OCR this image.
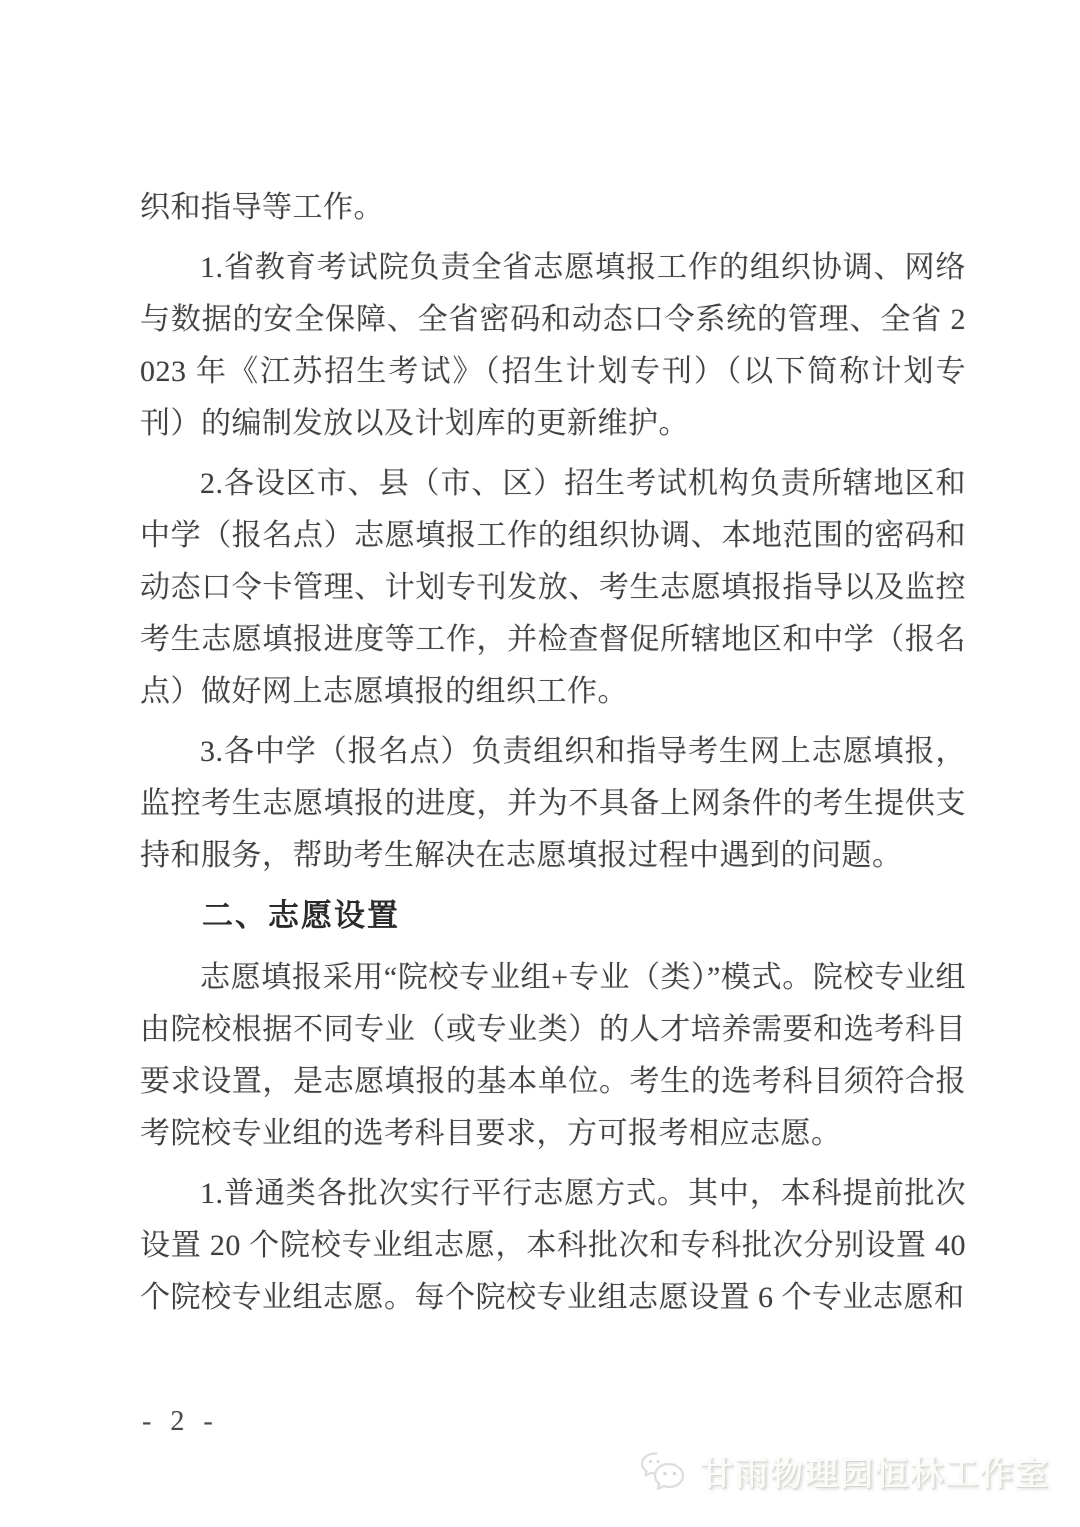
织和指导等工作。

1.省教育考试院负责全省志愿填报工作的组织协调、网络与数据的安全保障、全省密码和动态口令系统的管理、全省 2023 年《江苏招生考试》（招生计划专刊）（以下简称计划专刊）的编制发放以及计划库的更新维护。

2.各设区市、县（市、区）招生考试机构负责所辖地区和中学（报名点）志愿填报工作的组织协调、本地范围的密码和动态口令卡管理、计划专刊发放、考生志愿填报指导以及监控考生志愿填报进度等工作，并检查督促所辖地区和中学（报名点）做好网上志愿填报的组织工作。

3.各中学（报名点）负责组织和指导考生网上志愿填报，监控考生志愿填报的进度，并为不具备上网条件的考生提供支持和服务，帮助考生解决在志愿填报过程中遇到的问题。

二、志愿设置

志愿填报采用“院校专业组+专业（类）”模式。院校专业组由院校根据不同专业（或专业类）的人才培养需要和选考科目要求设置，是志愿填报的基本单位。考生的选考科目须符合报考院校专业组的选考科目要求，方可报考相应志愿。

1.普通类各批次实行平行志愿方式。其中，本科提前批次设置 20 个院校专业组志愿，本科批次和专科批次分别设置 40 个院校专业组志愿。每个院校专业组志愿设置 6 个专业志愿和

- 2 -
甘雨物理园恒林工作室
